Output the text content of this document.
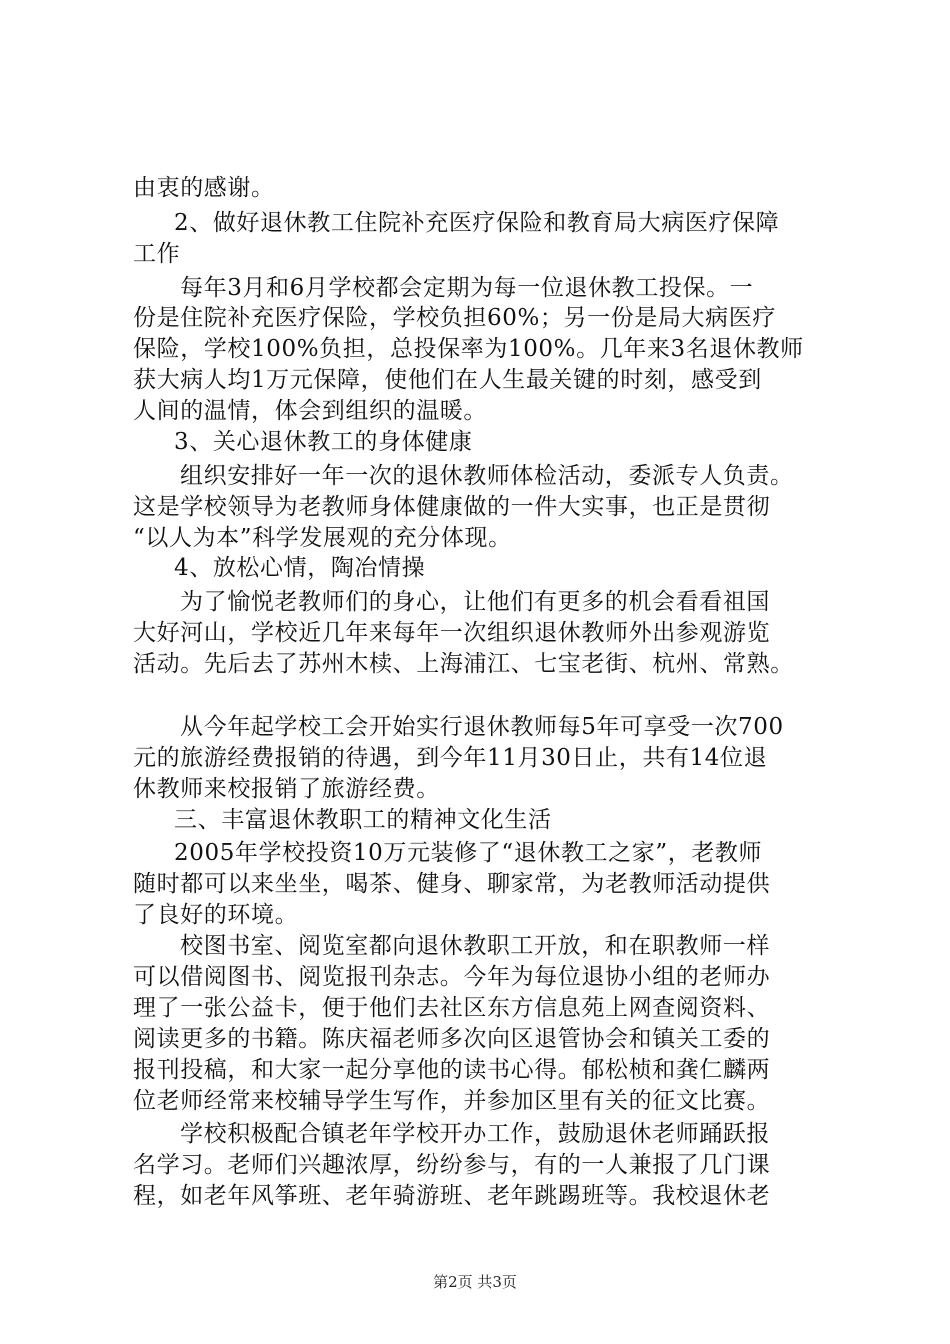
由衷的感谢。
2、做好退休教工住院补充医疗保险和教育局大病医疗保障
工作
每年3月和6月学校都会定期为每一位退休教工投保。一
份是住院补充医疗保险，学校负担60%；另一份是局大病医疗
保险，学校100%负担，总投保率为100%。几年来3名退休教师
获大病人均1万元保障，使他们在人生最关键的时刻，感受到
人间的温情，体会到组织的温暖。
3、关心退休教工的身体健康
组织安排好一年一次的退休教师体检活动，委派专人负责。
这是学校领导为老教师身体健康做的一件大实事，也正是贯彻
“以人为本”科学发展观的充分体现。
4、放松心情，陶冶情操
为了愉悦老教师们的身心，让他们有更多的机会看看祖国
大好河山，学校近几年来每年一次组织退休教师外出参观游览
活动。先后去了苏州木椟、上海浦江、七宝老街、杭州、常熟。
从今年起学校工会开始实行退休教师每5年可享受一次700
元的旅游经费报销的待遇，到今年11月30日止，共有14位退
休教师来校报销了旅游经费。
三、丰富退休教职工的精神文化生活
2005年学校投资10万元装修了“退休教工之家”，老教师
随时都可以来坐坐，喝茶、健身、聊家常，为老教师活动提供
了良好的环境。
校图书室、阅览室都向退休教职工开放，和在职教师一样
可以借阅图书、阅览报刊杂志。今年为每位退协小组的老师办
理了一张公益卡，便于他们去社区东方信息苑上网查阅资料、
阅读更多的书籍。陈庆福老师多次向区退管协会和镇关工委的
报刊投稿，和大家一起分享他的读书心得。郁松桢和龚仁麟两
位老师经常来校辅导学生写作，并参加区里有关的征文比赛。
学校积极配合镇老年学校开办工作，鼓励退休老师踊跃报
名学习。老师们兴趣浓厚，纷纷参与，有的一人兼报了几门课
程，如老年风筝班、老年骑游班、老年跳踢班等。我校退休老
第2页 共3页
